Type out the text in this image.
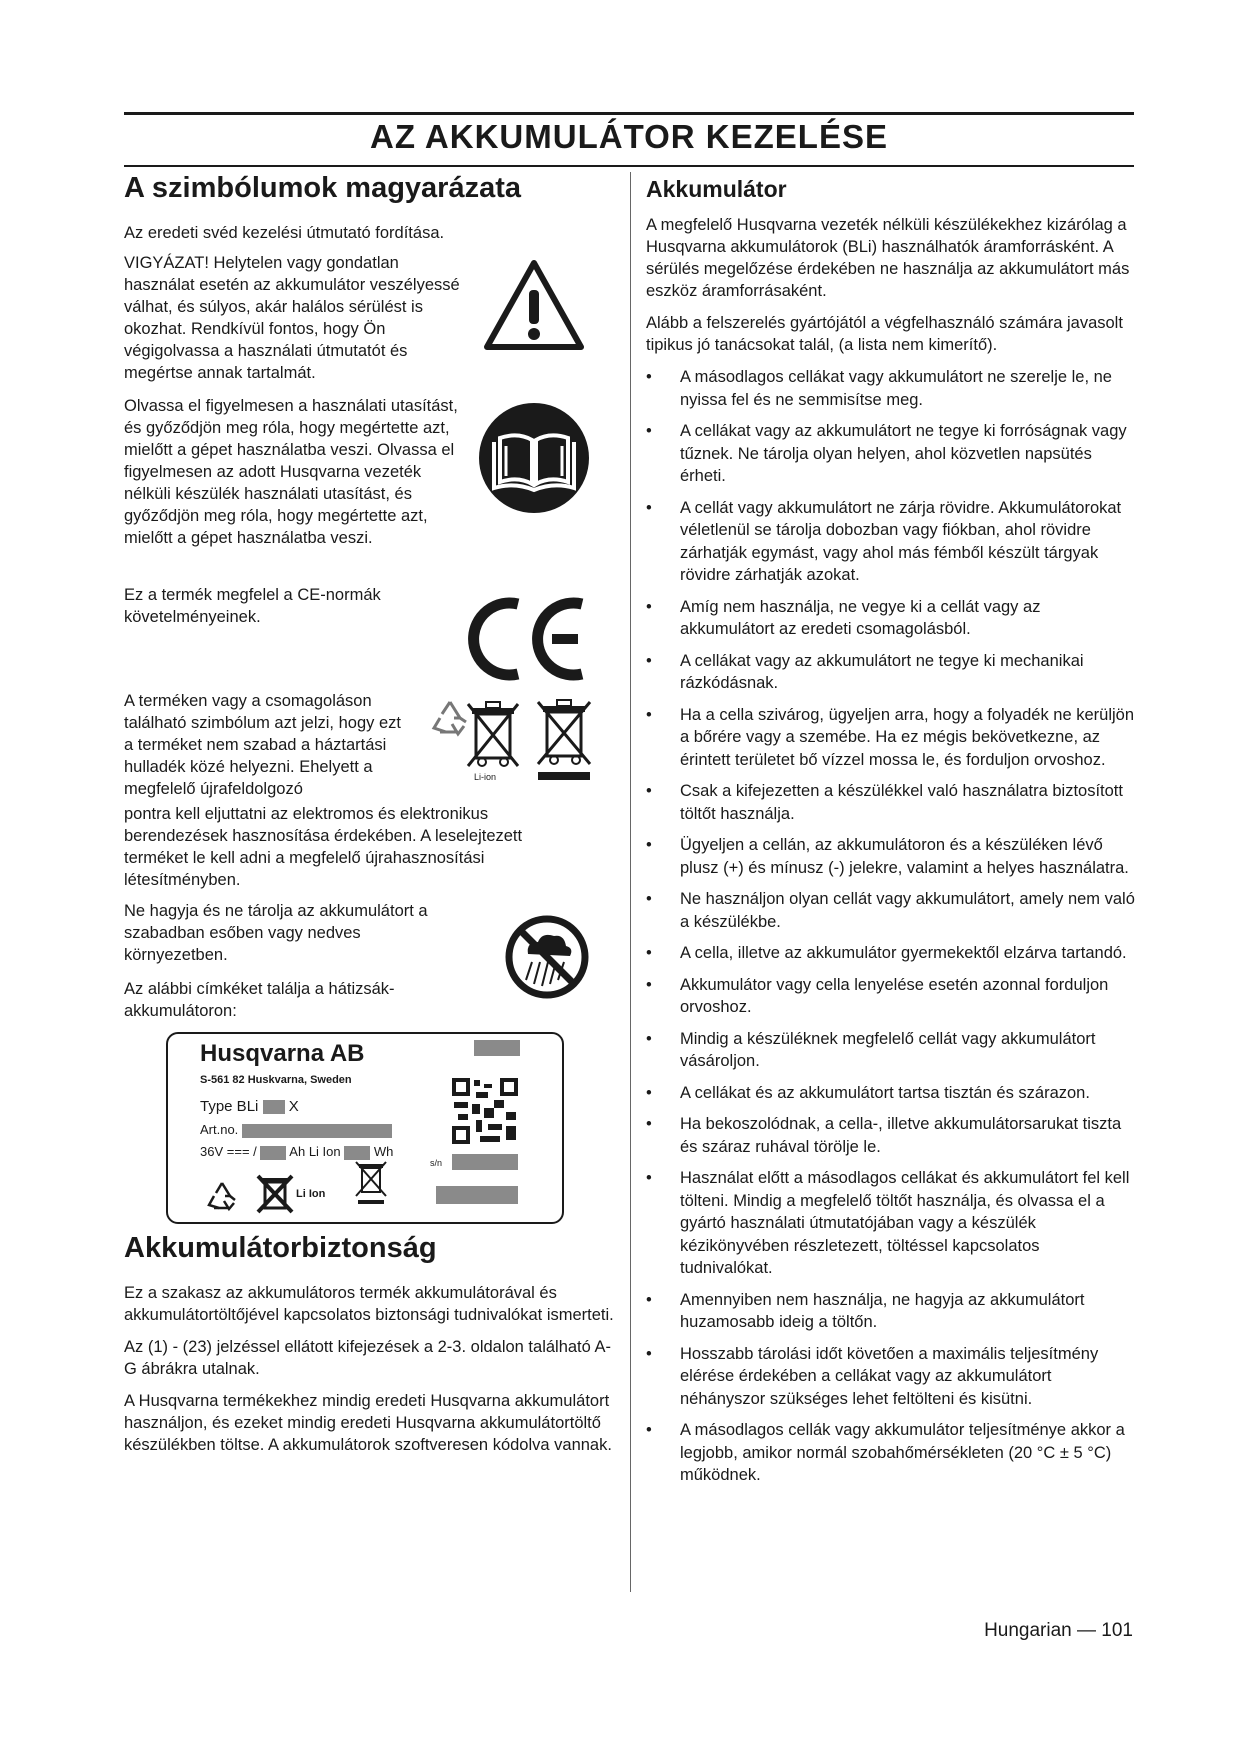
AZ AKKUMULÁTOR KEZELÉSE
A szimbólumok magyarázata

Az eredeti svéd kezelési útmutató fordítása.

VIGYÁZAT! Helytelen vagy gondatlan használat esetén az akkumulátor veszélyessé válhat, és súlyos, akár halálos sérülést is okozhat. Rendkívül fontos, hogy Ön végigolvassa a használati útmutatót és megértse annak tartalmát.

Olvassa el figyelmesen a használati utasítást, és győződjön meg róla, hogy megértette azt, mielőtt a gépet használatba veszi. Olvassa el figyelmesen az adott Husqvarna vezeték nélküli készülék használati utasítást, és győződjön meg róla, hogy megértette azt, mielőtt a gépet használatba veszi.

Ez a termék megfelel a CE-normák követelményeinek.

A terméken vagy a csomagoláson található szimbólum azt jelzi, hogy ezt a terméket nem szabad a háztartási hulladék közé helyezni. Ehelyett a megfelelő újrafeldolgozó

pontra kell eljuttatni az elektromos és elektronikus berendezések hasznosítása érdekében. A leselejtezett terméket le kell adni a megfelelő újrahasznosítási létesítményben.

Ne hagyja és ne tárolja az akkumulátort a szabadban esőben vagy nedves környezetben.

Az alábbi címkéket találja a hátizsák-akkumulátoron:

Li-ion
Husqvarna AB
S-561 82 Huskvarna, Sweden
Type BLi X
Art.no.
36V === /	Ah Li Ion	Wh
s/n
Li Ion
Akkumulátorbiztonság

Ez a szakasz az akkumulátoros termék akkumulátorával és akkumulátortöltőjével kapcsolatos biztonsági tudnivalókat ismerteti.

Az (1) - (23) jelzéssel ellátott kifejezések a 2-3. oldalon található A-G ábrákra utalnak.

A Husqvarna termékekhez mindig eredeti Husqvarna akkumulátort használjon, és ezeket mindig eredeti Husqvarna akkumulátortöltő készülékben töltse. A akkumulátorok szoftveresen kódolva vannak.

Akkumulátor

A megfelelő Husqvarna vezeték nélküli készülékekhez kizárólag a Husqvarna akkumulátorok (BLi) használhatók áramforrásként. A sérülés megelőzése érdekében ne használja az akkumulátort más eszköz áramforrásaként.

Alább a felszerelés gyártójától a végfelhasználó számára javasolt tipikus jó tanácsokat talál, (a lista nem kimerítő).

• A másodlagos cellákat vagy akkumulátort ne szerelje le, ne nyissa fel és ne semmisítse meg.
• A cellákat vagy az akkumulátort ne tegye ki forróságnak vagy tűznek. Ne tárolja olyan helyen, ahol közvetlen napsütés érheti.
• A cellát vagy akkumulátort ne zárja rövidre. Akkumulátorokat véletlenül se tárolja dobozban vagy fiókban, ahol rövidre zárhatják egymást, vagy ahol más fémből készült tárgyak rövidre zárhatják azokat.
• Amíg nem használja, ne vegye ki a cellát vagy az akkumulátort az eredeti csomagolásból.
• A cellákat vagy az akkumulátort ne tegye ki mechanikai rázkódásnak.
• Ha a cella szivárog, ügyeljen arra, hogy a folyadék ne kerüljön a bőrére vagy a szemébe. Ha ez mégis bekövetkezne, az érintett területet bő vízzel mossa le, és forduljon orvoshoz.
• Csak a kifejezetten a készülékkel való használatra biztosított töltőt használja.
• Ügyeljen a cellán, az akkumulátoron és a készüléken lévő plusz (+) és mínusz (-) jelekre, valamint a helyes használatra.
• Ne használjon olyan cellát vagy akkumulátort, amely nem való a készülékbe.
• A cella, illetve az akkumulátor gyermekektől elzárva tartandó.
• Akkumulátor vagy cella lenyelése esetén azonnal forduljon orvoshoz.
• Mindig a készüléknek megfelelő cellát vagy akkumulátort vásároljon.
• A cellákat és az akkumulátort tartsa tisztán és szárazon.
• Ha bekoszolódnak, a cella-, illetve akkumulátorsarukat tiszta és száraz ruhával törölje le.
• Használat előtt a másodlagos cellákat és akkumulátort fel kell tölteni. Mindig a megfelelő töltőt használja, és olvassa el a gyártó használati útmutatójában vagy a készülék kézikönyvében részletezett, töltéssel kapcsolatos tudnivalókat.
• Amennyiben nem használja, ne hagyja az akkumulátort huzamosabb ideig a töltőn.
• Hosszabb tárolási időt követően a maximális teljesítmény elérése érdekében a cellákat vagy az akkumulátort néhányszor szükséges lehet feltölteni és kisütni.
• A másodlagos cellák vagy akkumulátor teljesítménye akkor a legjobb, amikor normál szobahőmérsékleten (20 °C ± 5 °C) működnek.
Hungarian — 101
